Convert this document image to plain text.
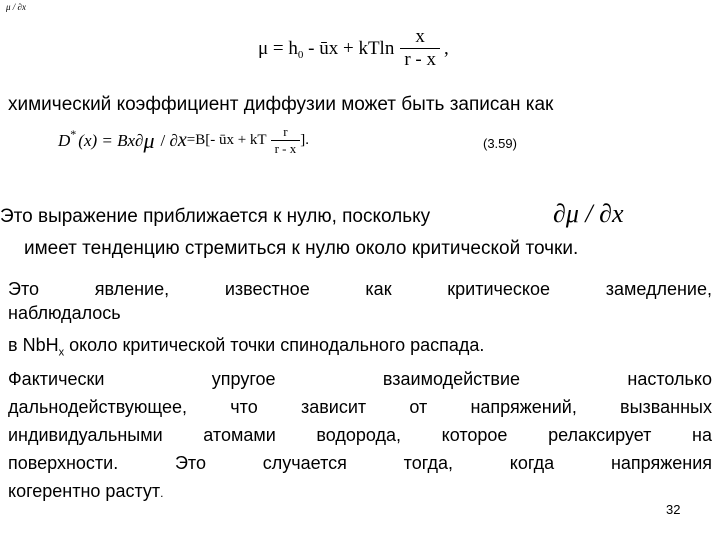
μ / ∂x
$\mu = h_0$ - ūx + kTln $\frac{x}{r - x}$ ,
химический коэффициент диффузии может быть записан как
D* (x) = Bx∂ μ / ∂ x =B[- ūx + kT $\frac{r}{r - x}$ ].	(3.59)
Это выражение приближается к нулю, поскольку	∂μ / ∂x
имеет тенденцию стремиться к нулю около критической точки.
Это явление, известное как критическое замедление,
наблюдалось
в NbH$_x$ около критической точки спинодального распада.
Фактически упругое взаимодействие настолько
дальнодействующее, что зависит от напряжений, вызванных
индивидуальными атомами водорода, которое релаксирует на
поверхности. Это случается тогда, когда напряжения
когерентно растут.
32
